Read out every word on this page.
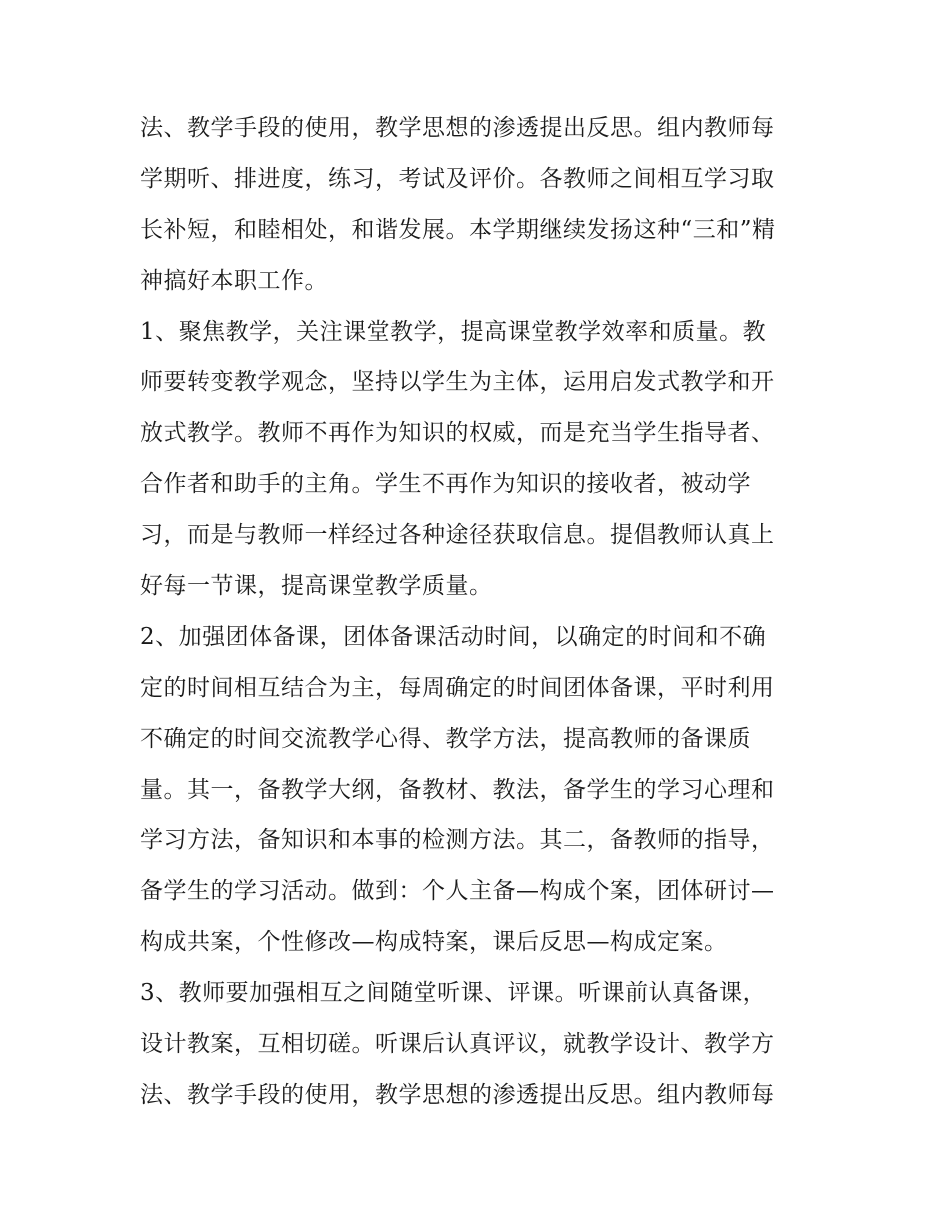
法、教学手段的使用，教学思想的渗透提出反思。组内教师每
学期听、排进度，练习，考试及评价。各教师之间相互学习取
长补短，和睦相处，和谐发展。本学期继续发扬这种“三和”精
神搞好本职工作。
1、聚焦教学，关注课堂教学，提高课堂教学效率和质量。教
师要转变教学观念，坚持以学生为主体，运用启发式教学和开
放式教学。教师不再作为知识的权威，而是充当学生指导者、
合作者和助手的主角。学生不再作为知识的接收者，被动学
习，而是与教师一样经过各种途径获取信息。提倡教师认真上
好每一节课，提高课堂教学质量。
2、加强团体备课，团体备课活动时间，以确定的时间和不确
定的时间相互结合为主，每周确定的时间团体备课，平时利用
不确定的时间交流教学心得、教学方法，提高教师的备课质
量。其一，备教学大纲，备教材、教法，备学生的学习心理和
学习方法，备知识和本事的检测方法。其二，备教师的指导，
备学生的学习活动。做到：个人主备—构成个案，团体研讨—
构成共案，个性修改—构成特案，课后反思—构成定案。
3、教师要加强相互之间随堂听课、评课。听课前认真备课，
设计教案，互相切磋。听课后认真评议，就教学设计、教学方
法、教学手段的使用，教学思想的渗透提出反思。组内教师每
